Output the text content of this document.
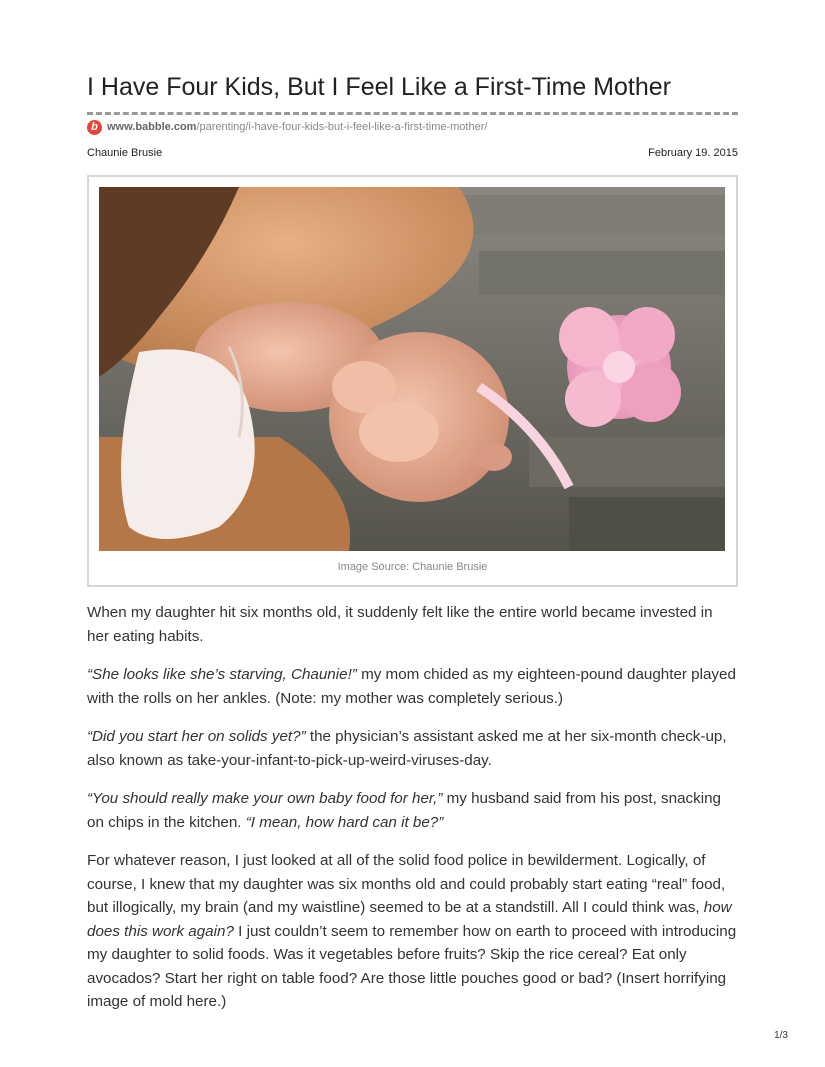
I Have Four Kids, But I Feel Like a First-Time Mother
b www.babble.com/parenting/i-have-four-kids-but-i-feel-like-a-first-time-mother/
Chaunie Brusie	February 19. 2015
Image Source: Chaunie Brusie

When my daughter hit six months old, it suddenly felt like the entire world became invested in her eating habits.

“She looks like she’s starving, Chaunie!” my mom chided as my eighteen-pound daughter played with the rolls on her ankles. (Note: my mother was completely serious.)

“Did you start her on solids yet?” the physician’s assistant asked me at her six-month check-up, also known as take-your-infant-to-pick-up-weird-viruses-day.

“You should really make your own baby food for her,” my husband said from his post, snacking on chips in the kitchen. “I mean, how hard can it be?”

For whatever reason, I just looked at all of the solid food police in bewilderment. Logically, of course, I knew that my daughter was six months old and could probably start eating “real” food, but illogically, my brain (and my waistline) seemed to be at a standstill. All I could think was, how does this work again? I just couldn’t seem to remember how on earth to proceed with introducing my daughter to solid foods. Was it vegetables before fruits? Skip the rice cereal? Eat only avocados? Start her right on table food? Are those little pouches good or bad? (Insert horrifying image of mold here.)

1/3
